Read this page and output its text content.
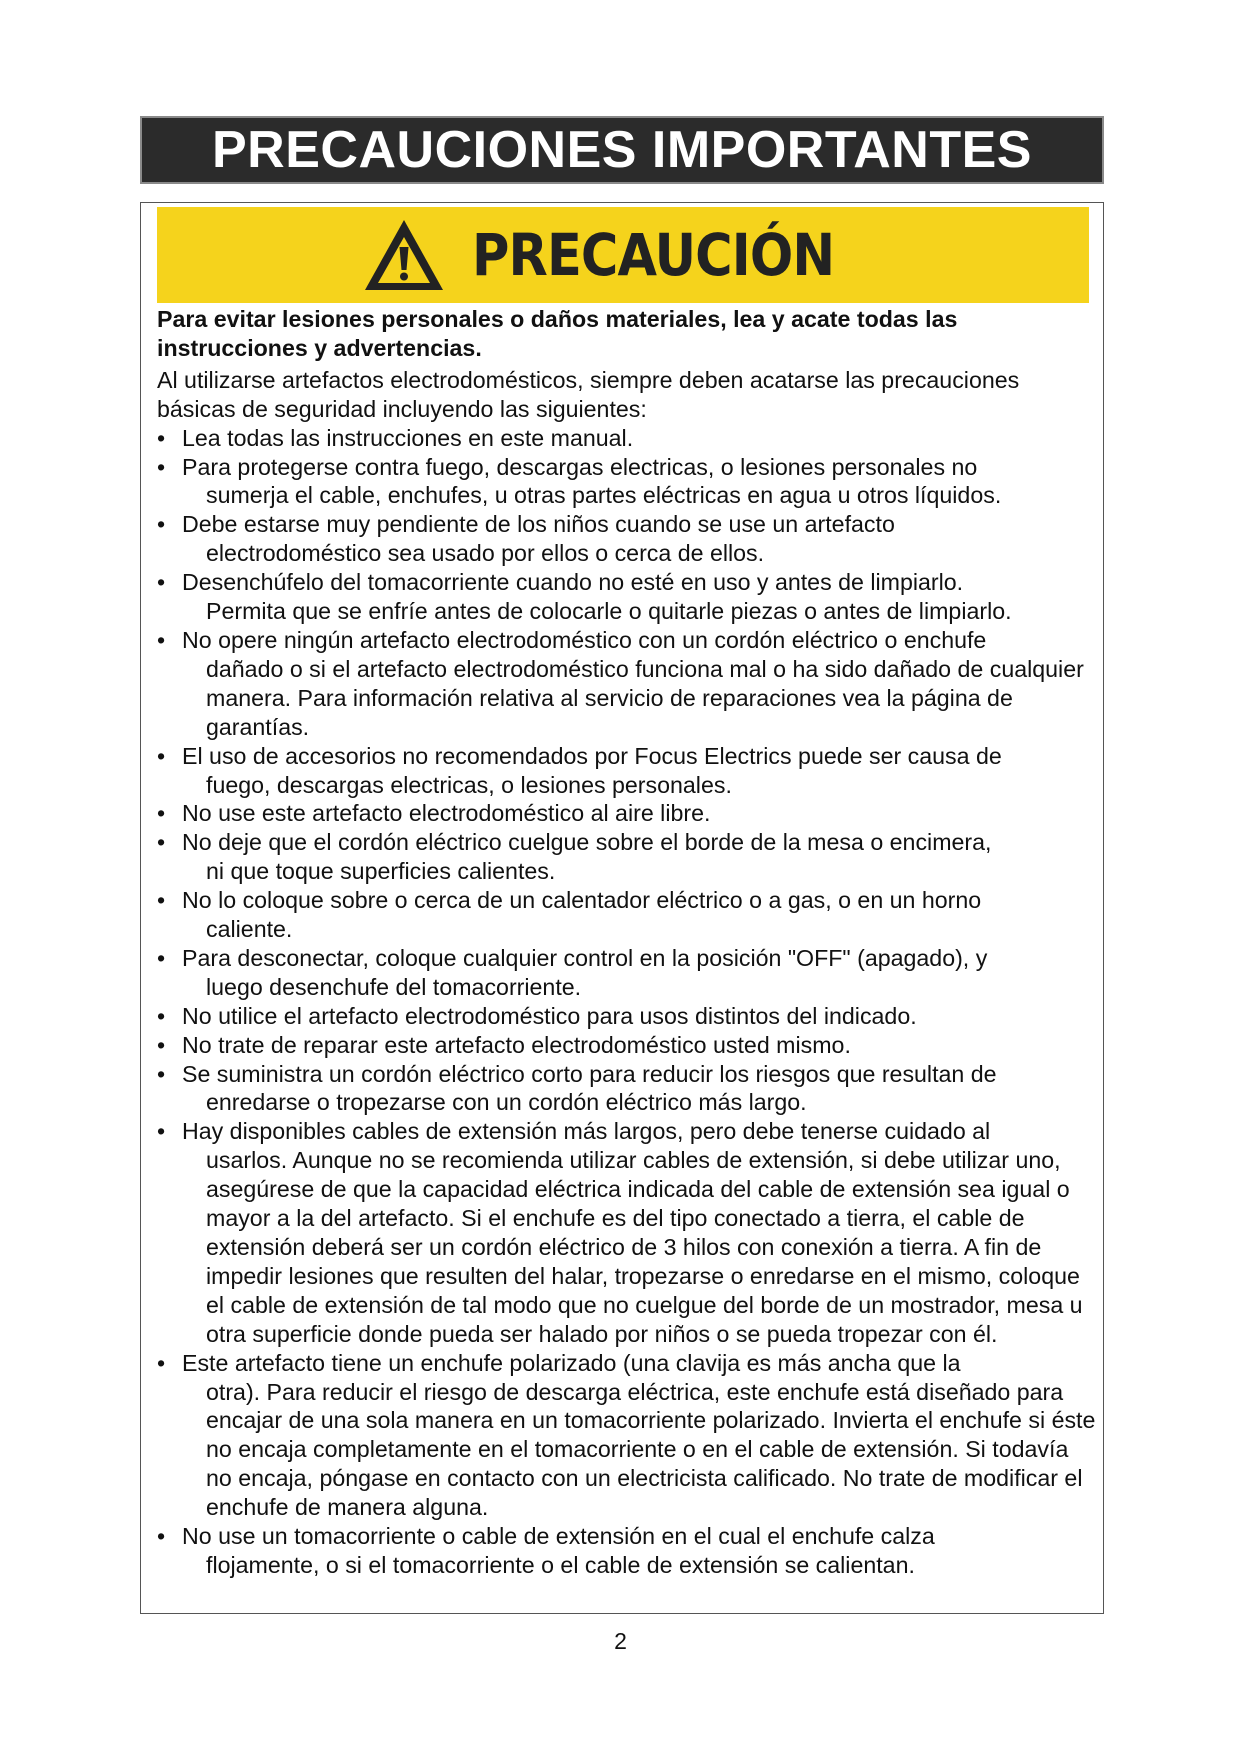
PRECAUCIONES IMPORTANTES
PRECAUCIÓN
Para evitar lesiones personales o daños materiales, lea y acate todas las instrucciones y advertencias.
Al utilizarse artefactos electrodomésticos, siempre deben acatarse las precauciones básicas de seguridad incluyendo las siguientes:
• Lea todas las instrucciones en este manual.
• Para protegerse contra fuego, descargas electricas, o lesiones personales no
sumerja el cable, enchufes, u otras partes eléctricas en agua u otros líquidos.
• Debe estarse muy pendiente de los niños cuando se use un artefacto
electrodoméstico sea usado por ellos o cerca de ellos.
• Desenchúfelo del tomacorriente cuando no esté en uso y antes de limpiarlo.
Permita que se enfríe antes de colocarle o quitarle piezas o antes de limpiarlo.
• No opere ningún artefacto electrodoméstico con un cordón eléctrico o enchufe
dañado o si el artefacto electrodoméstico funciona mal o ha sido dañado de cualquier manera. Para información relativa al servicio de reparaciones vea la página de garantías.
• El uso de accesorios no recomendados por Focus Electrics puede ser causa de
fuego, descargas electricas, o lesiones personales.
• No use este artefacto electrodoméstico al aire libre.
• No deje que el cordón eléctrico cuelgue sobre el borde de la mesa o encimera,
ni que toque superficies calientes.
• No lo coloque sobre o cerca de un calentador eléctrico o a gas, o en un horno
caliente.
• Para desconectar, coloque cualquier control en la posición "OFF" (apagado), y
luego desenchufe del tomacorriente.
• No utilice el artefacto electrodoméstico para usos distintos del indicado.
• No trate de reparar este artefacto electrodoméstico usted mismo.
• Se suministra un cordón eléctrico corto para reducir los riesgos que resultan de
enredarse o tropezarse con un cordón eléctrico más largo.
• Hay disponibles cables de extensión más largos, pero debe tenerse cuidado al
usarlos. Aunque no se recomienda utilizar cables de extensión, si debe utilizar uno, asegúrese de que la capacidad eléctrica indicada del cable de extensión sea igual o mayor a la del artefacto. Si el enchufe es del tipo conectado a tierra, el cable de extensión deberá ser un cordón eléctrico de 3 hilos con conexión a tierra. A fin de impedir lesiones que resulten del halar, tropezarse o enredarse en el mismo, coloque el cable de extensión de tal modo que no cuelgue del borde de un mostrador, mesa u otra superficie donde pueda ser halado por niños o se pueda tropezar con él.
• Este artefacto tiene un enchufe polarizado (una clavija es más ancha que la
otra). Para reducir el riesgo de descarga eléctrica, este enchufe está diseñado para encajar de una sola manera en un tomacorriente polarizado. Invierta el enchufe si éste no encaja completamente en el tomacorriente o en el cable de extensión. Si todavía no encaja, póngase en contacto con un electricista calificado. No trate de modificar el enchufe de manera alguna.
• No use un tomacorriente o cable de extensión en el cual el enchufe calza
flojamente, o si el tomacorriente o el cable de extensión se calientan.
2
